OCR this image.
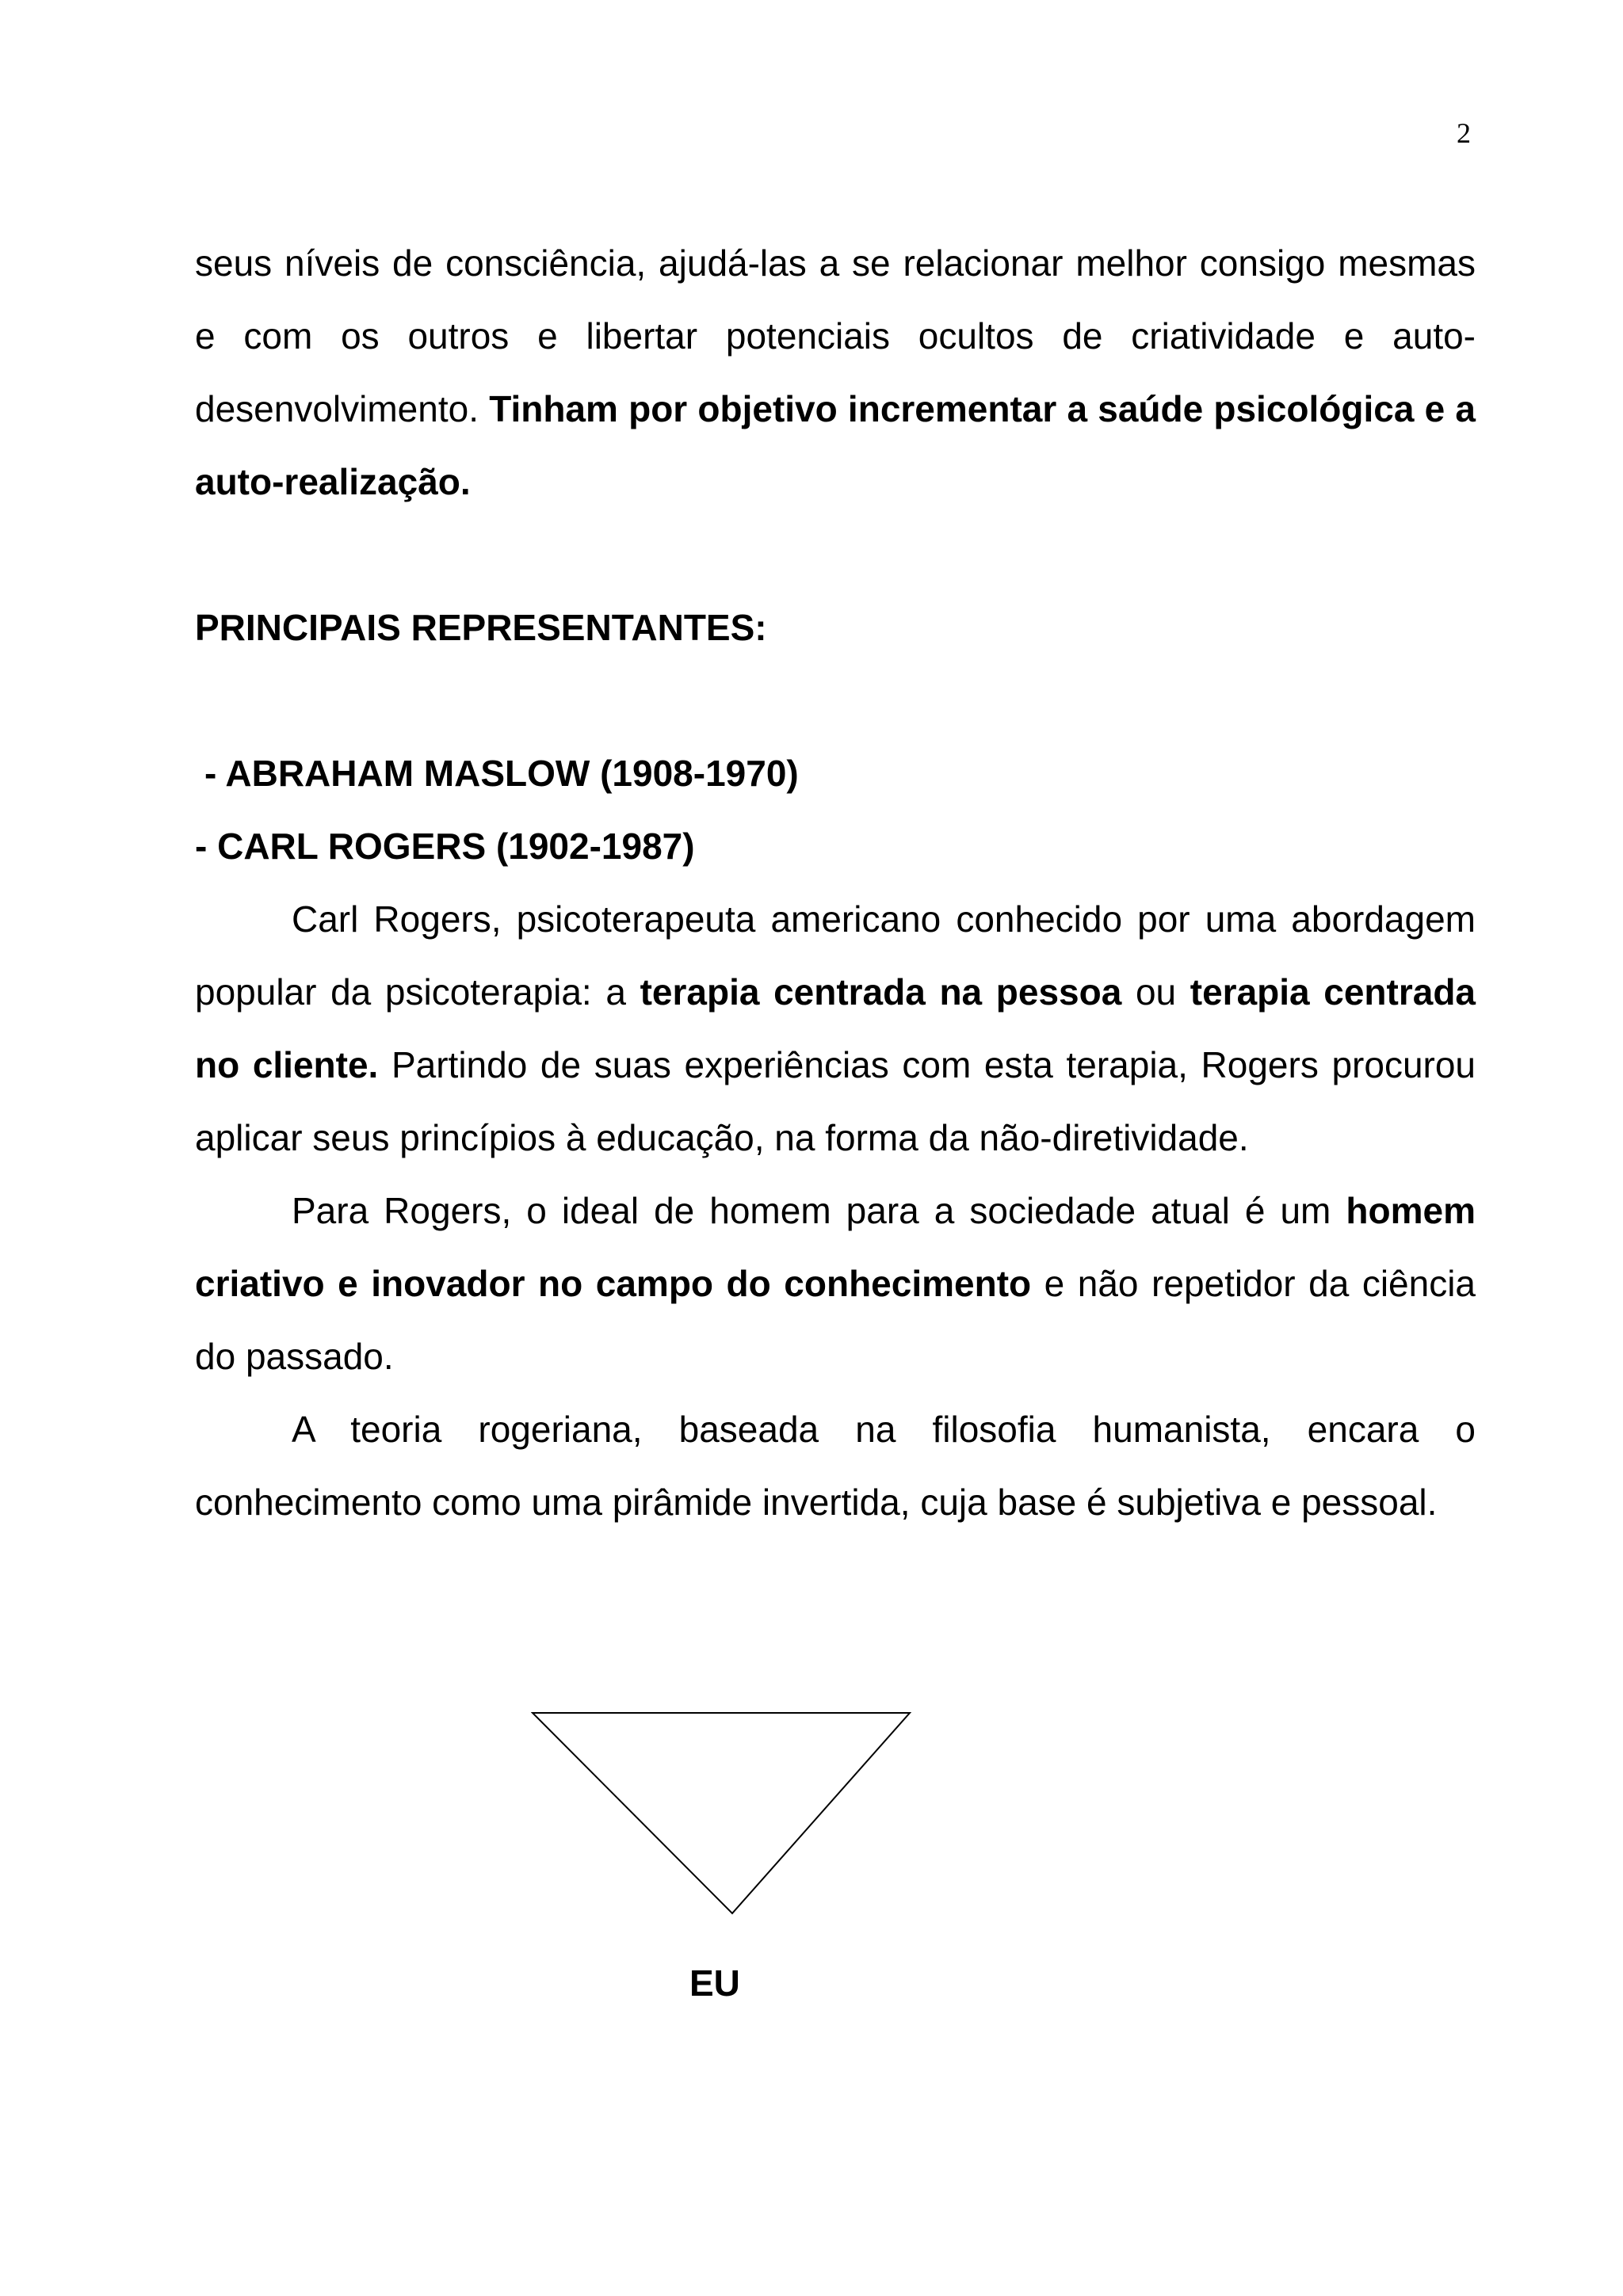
2

seus níveis de consciência, ajudá-las a se relacionar melhor consigo mesmas e com os outros e libertar potenciais ocultos de criatividade e auto-desenvolvimento. Tinham por objetivo incrementar a saúde psicológica e a auto-realização.

PRINCIPAIS REPRESENTANTES:

- ABRAHAM MASLOW (1908-1970)

- CARL ROGERS (1902-1987)

Carl Rogers, psicoterapeuta americano conhecido por uma abordagem popular da psicoterapia: a terapia centrada na pessoa ou terapia centrada no cliente. Partindo de suas experiências com esta terapia, Rogers procurou aplicar seus princípios à educação, na forma da não-diretividade.

Para Rogers, o ideal de homem para a sociedade atual é um homem criativo e inovador no campo do conhecimento e não repetidor da ciência do passado.

A teoria rogeriana, baseada na filosofia humanista, encara o conhecimento como uma pirâmide invertida, cuja base é subjetiva e pessoal.

EU
